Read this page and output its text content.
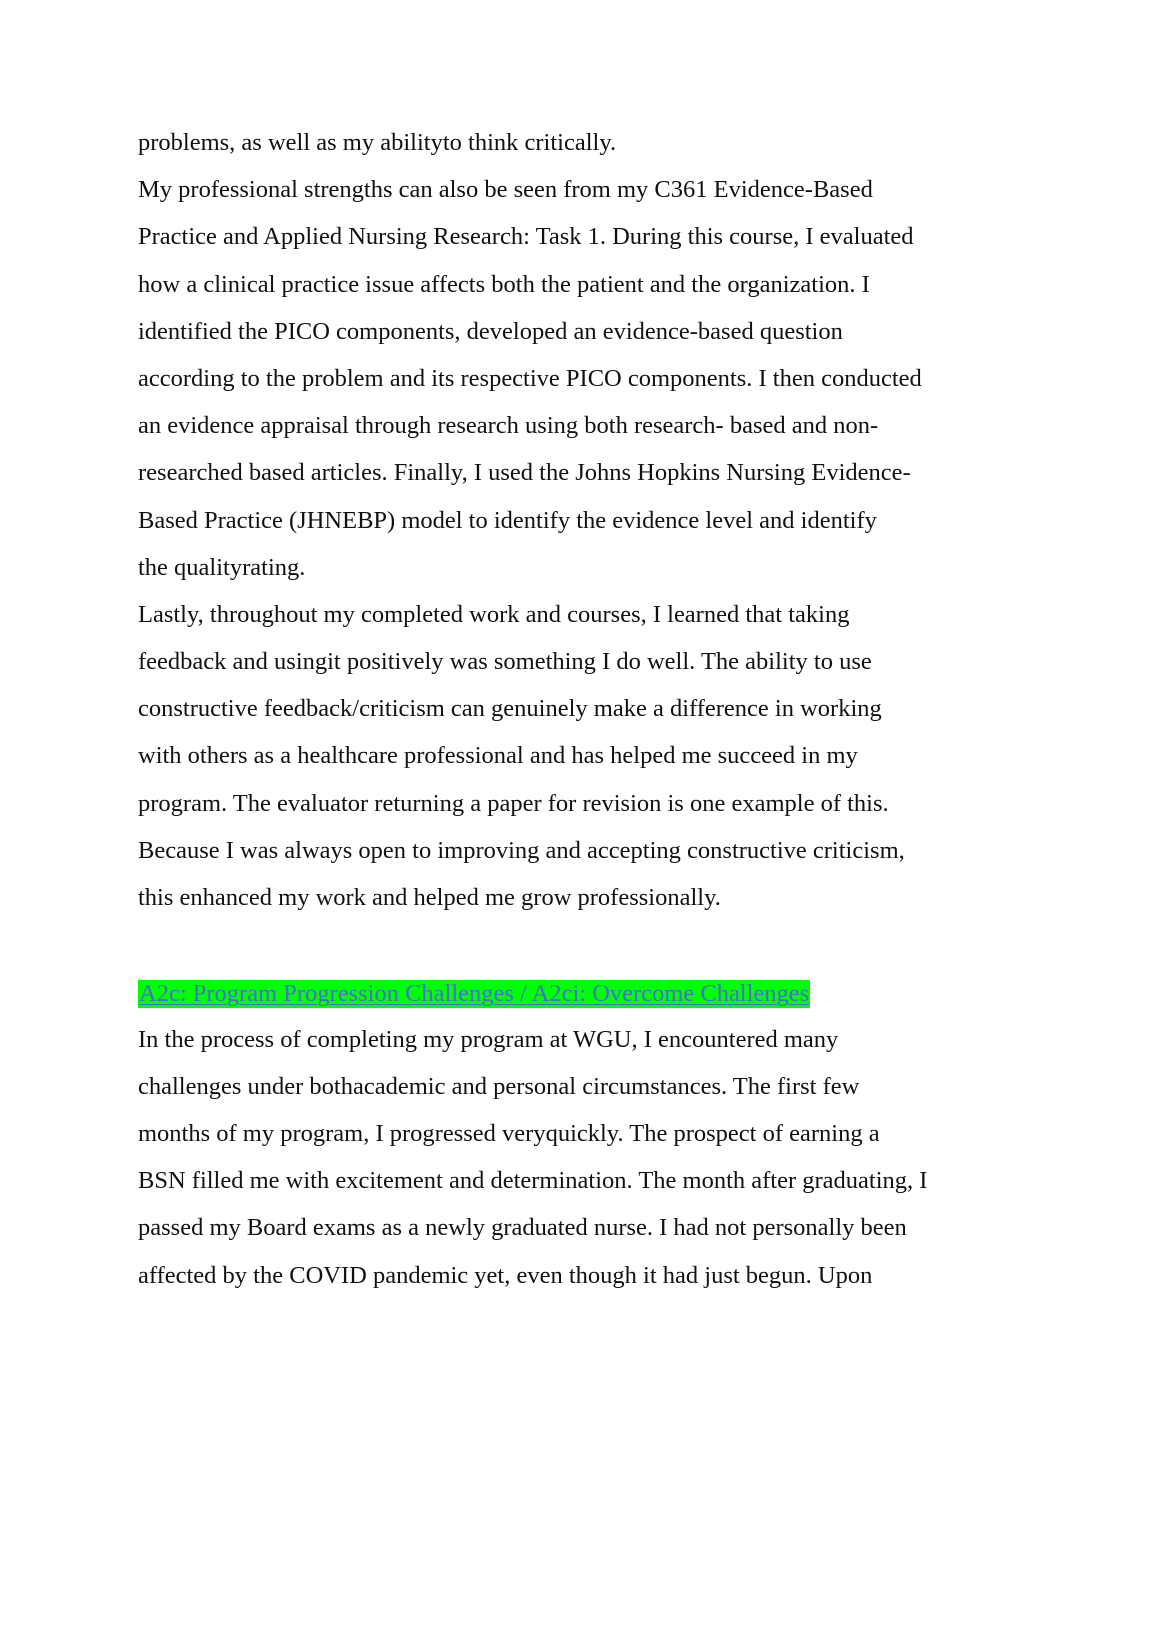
problems, as well as my abilityto think critically.
My professional strengths can also be seen from my C361 Evidence-Based
Practice and Applied Nursing Research: Task 1. During this course, I evaluated
how a clinical practice issue affects both the patient and the organization. I
identified the PICO components, developed an evidence-based question
according to the problem and its respective PICO components. I then conducted
an evidence appraisal through research using both research- based and non-
researched based articles. Finally, I used the Johns Hopkins Nursing Evidence-
Based Practice (JHNEBP) model to identify the evidence level and identify
the qualityrating.
Lastly, throughout my completed work and courses, I learned that taking
feedback and usingit positively was something I do well. The ability to use
constructive feedback/criticism can genuinely make a difference in working
with others as a healthcare professional and has helped me succeed in my
program. The evaluator returning a paper for revision is one example of this.
Because I was always open to improving and accepting constructive criticism,
this enhanced my work and helped me grow professionally.
A2c: Program Progression Challenges / A2ci: Overcome Challenges
In the process of completing my program at WGU, I encountered many
challenges under bothacademic and personal circumstances. The first few
months of my program, I progressed veryquickly. The prospect of earning a
BSN filled me with excitement and determination. The month after graduating, I
passed my Board exams as a newly graduated nurse. I had not personally been
affected by the COVID pandemic yet, even though it had just begun. Upon
